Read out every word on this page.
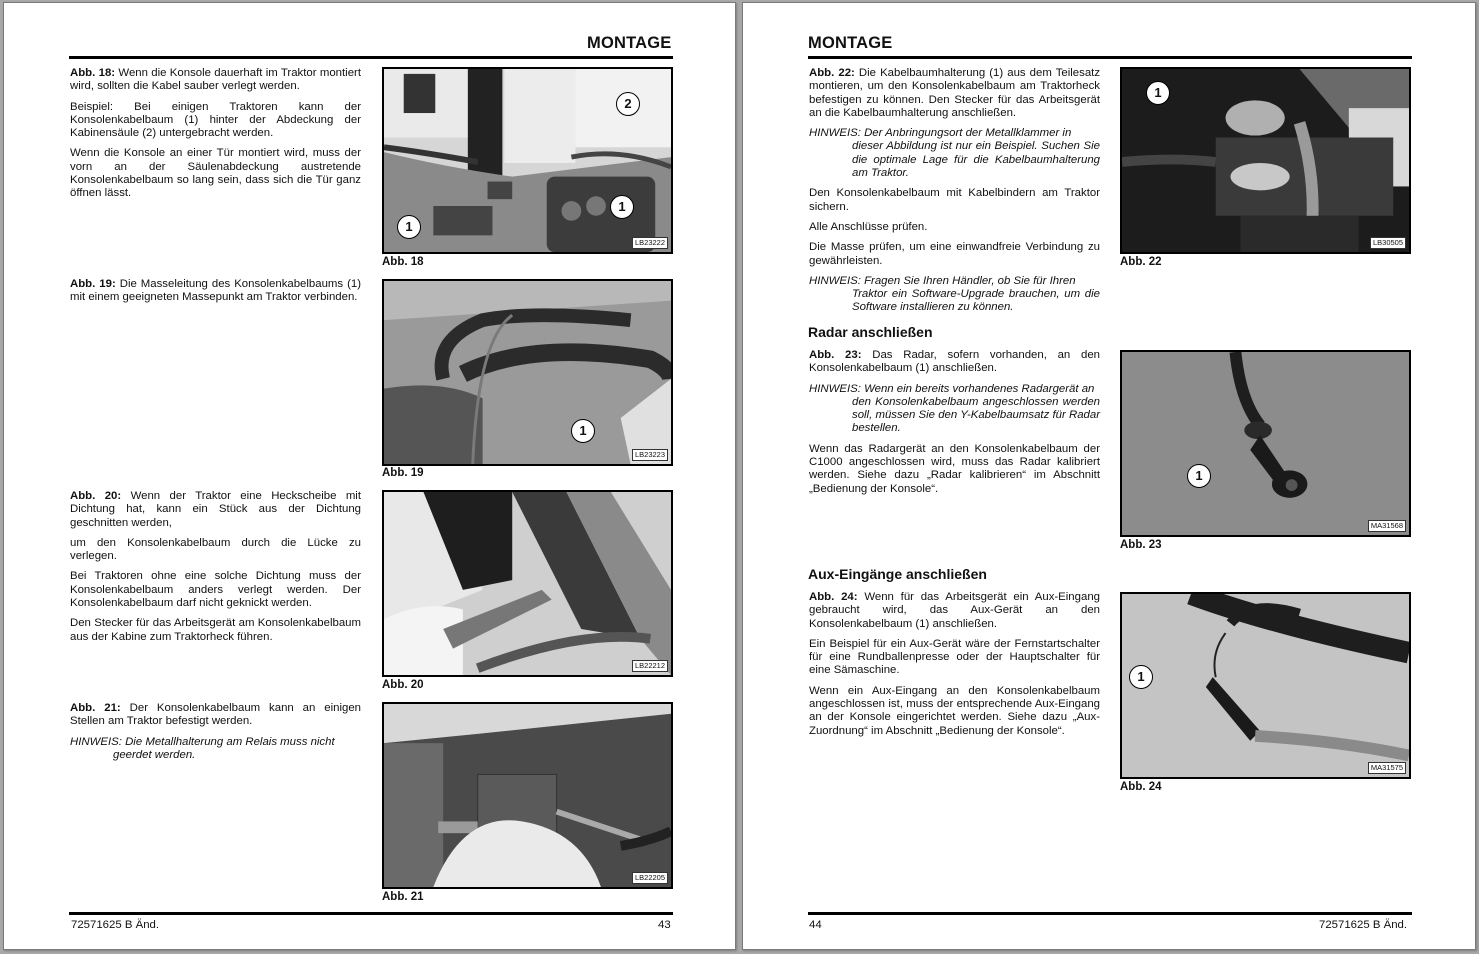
MONTAGE

Abb. 18: Wenn die Konsole dauerhaft im Traktor montiert wird, sollten die Kabel sauber verlegt werden.

Beispiel: Bei einigen Traktoren kann der Konsolenkabelbaum (1) hinter der Abdeckung der Kabinensäule (2) untergebracht werden.

Wenn die Konsole an einer Tür montiert wird, muss der vorn an der Säulenabdeckung austretende Konsolenkabelbaum so lang sein, dass sich die Tür ganz öffnen lässt.

2
1
1
LB23222
Abb. 18

Abb. 19: Die Masseleitung des Konsolenkabelbaums (1) mit einem geeigneten Massepunkt am Traktor verbinden.

1
LB23223
Abb. 19

Abb. 20: Wenn der Traktor eine Heckscheibe mit Dichtung hat, kann ein Stück aus der Dichtung geschnitten werden,

um den Konsolenkabelbaum durch die Lücke zu verlegen.

Bei Traktoren ohne eine solche Dichtung muss der Konsolenkabelbaum anders verlegt werden. Der Konsolenkabelbaum darf nicht geknickt werden.

Den Stecker für das Arbeitsgerät am Konsolenkabelbaum aus der Kabine zum Traktorheck führen.

LB22212
Abb. 20

Abb. 21: Der Konsolenkabelbaum kann an einigen Stellen am Traktor befestigt werden.

HINWEIS: Die Metallhalterung am Relais muss nicht
geerdet werden.
LB22205
Abb. 21
72571625 B Änd.	43
MONTAGE

Abb. 22: Die Kabelbaumhalterung (1) aus dem Teilesatz montieren, um den Konsolenkabelbaum am Traktorheck befestigen zu können. Den Stecker für das Arbeitsgerät an die Kabelbaumhalterung anschließen.

HINWEIS: Der Anbringungsort der Metallklammer in
dieser Abbildung ist nur ein Beispiel. Suchen Sie die optimale Lage für die Kabelbaumhalterung am Traktor.

Den Konsolenkabelbaum mit Kabelbindern am Traktor sichern.

Alle Anschlüsse prüfen.

Die Masse prüfen, um eine einwandfreie Verbindung zu gewährleisten.

HINWEIS: Fragen Sie Ihren Händler, ob Sie für Ihren
Traktor ein Software-Upgrade brauchen, um die Software installieren zu können.
1
LB30505
Abb. 22
Radar anschließen

Abb. 23: Das Radar, sofern vorhanden, an den Konsolenkabelbaum (1) anschließen.

HINWEIS: Wenn ein bereits vorhandenes Radargerät an
den Konsolenkabelbaum angeschlossen werden soll, müssen Sie den Y-Kabelbaumsatz für Radar bestellen.

Wenn das Radargerät an den Konsolenkabelbaum der C1000 angeschlossen wird, muss das Radar kalibriert werden. Siehe dazu „Radar kalibrieren“ im Abschnitt „Bedienung der Konsole“.

1
MA31568
Abb. 23
Aux-Eingänge anschließen

Abb. 24: Wenn für das Arbeitsgerät ein Aux-Eingang gebraucht wird, das Aux-Gerät an den Konsolenkabelbaum (1) anschließen.

Ein Beispiel für ein Aux-Gerät wäre der Fernstartschalter für eine Rundballenpresse oder der Hauptschalter für eine Sämaschine.

Wenn ein Aux-Eingang an den Konsolenkabelbaum angeschlossen ist, muss der entsprechende Aux-Eingang an der Konsole eingerichtet werden. Siehe dazu „Aux-Zuordnung“ im Abschnitt „Bedienung der Konsole“.

1
MA31575
Abb. 24
44	72571625 B Änd.
